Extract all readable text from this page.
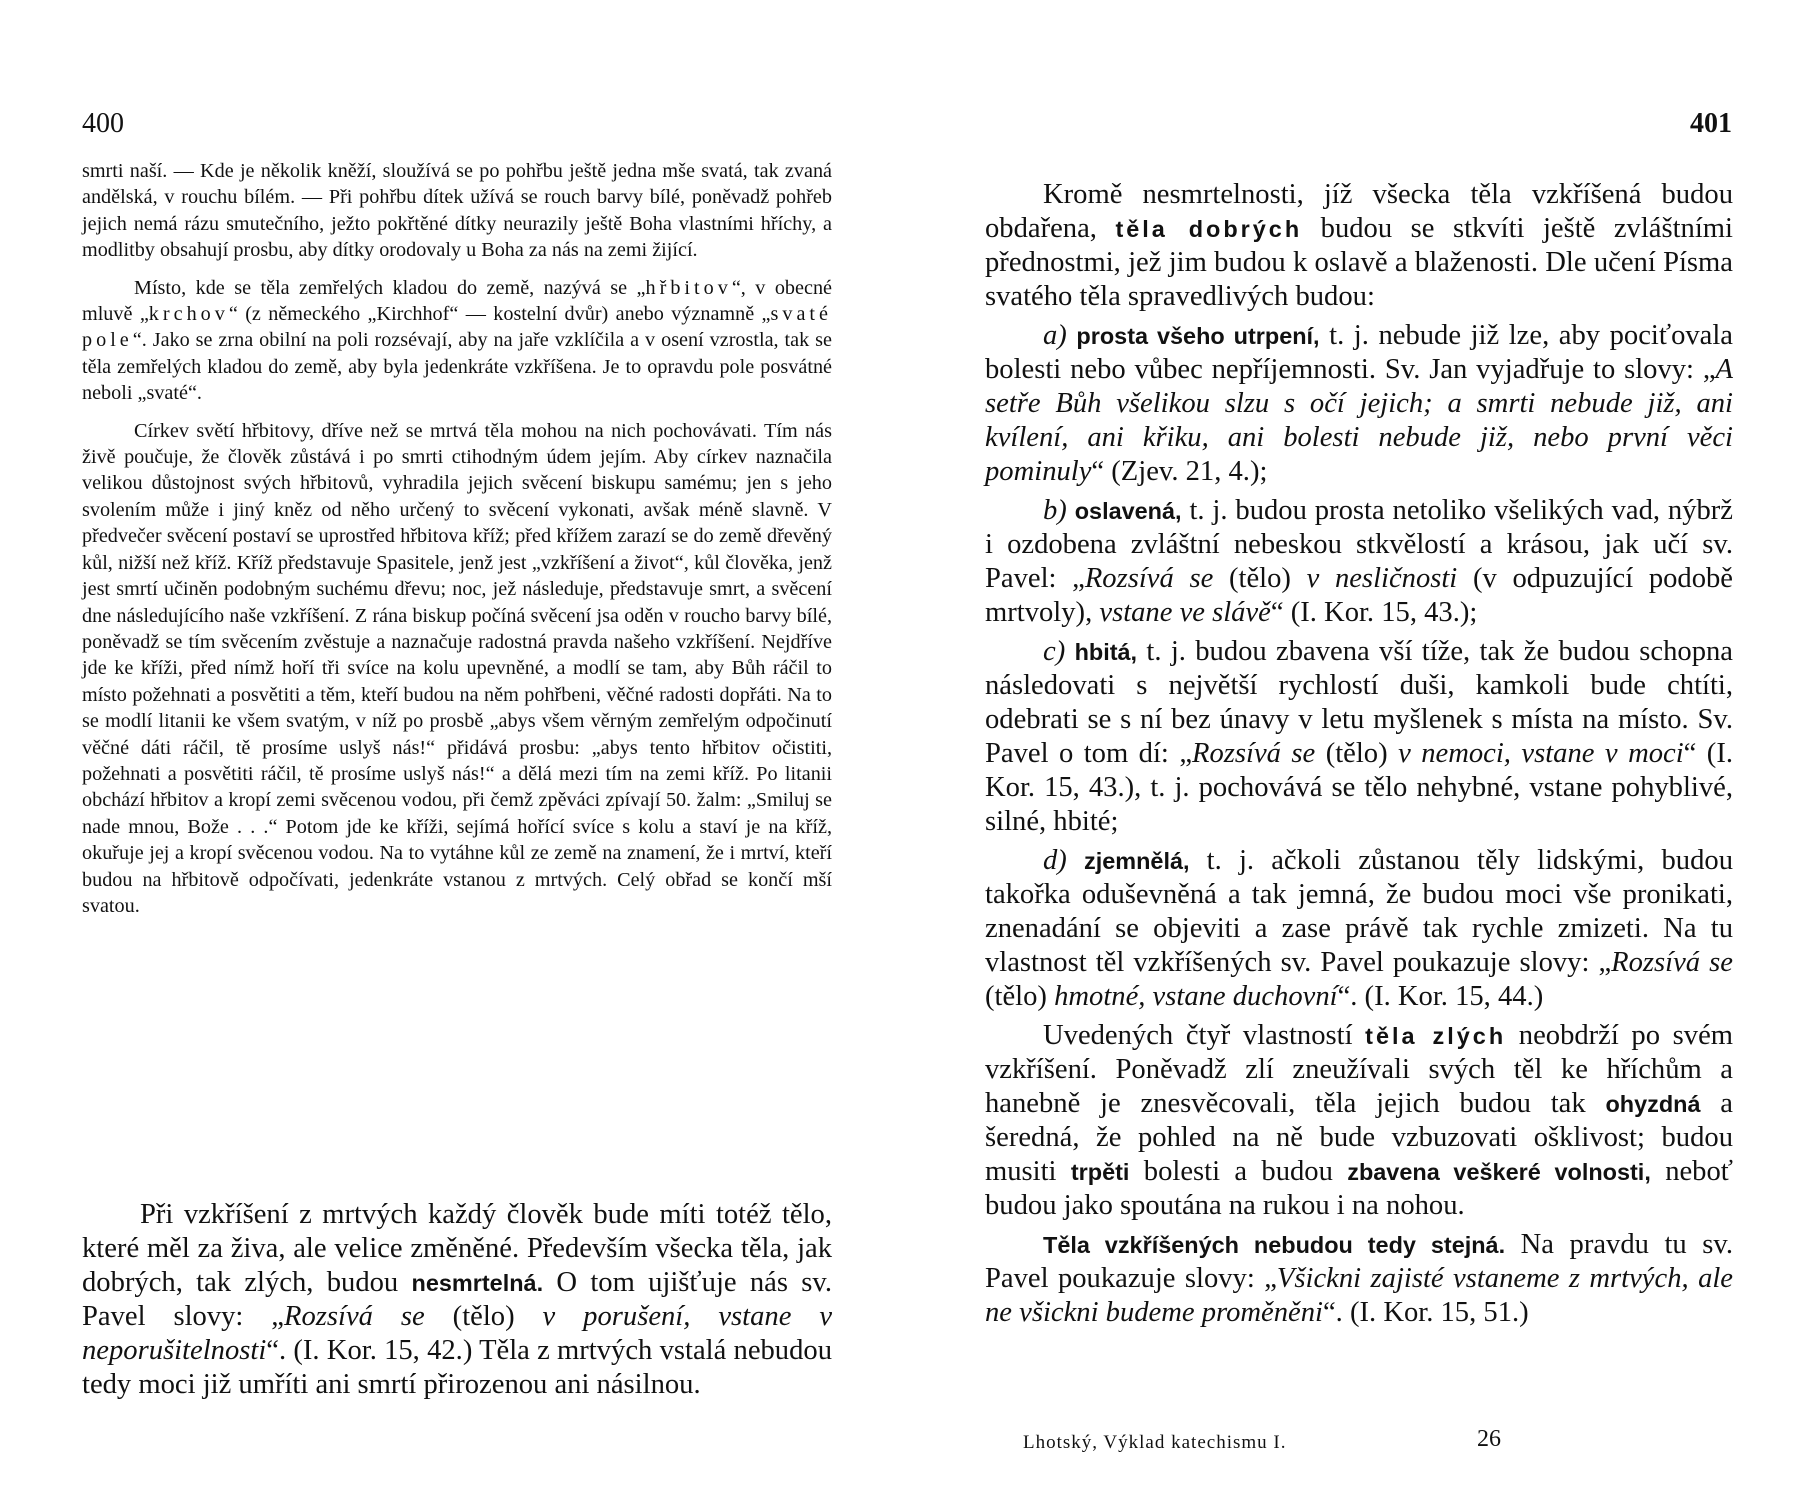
400

smrti naší. — Kde je několik kněží, sloužívá se po pohřbu ještě jedna mše svatá, tak zvaná andělská, v rouchu bílém. — Při pohřbu dítek užívá se rouch barvy bílé, poněvadž pohřeb jejich nemá rázu smutečního, ježto pokřtěné dítky neurazily ještě Boha vlastními hříchy, a modlitby obsahují prosbu, aby dítky orodovaly u Boha za nás na zemi žijící.

Místo, kde se těla zemřelých kladou do země, nazývá se „hřbitov“, v obecné mluvě „krchov“ (z německého „Kirchhof“ — kostelní dvůr) anebo významně „svaté pole“. Jako se zrna obilní na poli rozsévají, aby na jaře vzklíčila a v osení vzrostla, tak se těla zemřelých kladou do země, aby byla jedenkráte vzkříšena. Je to opravdu pole posvátné neboli „svaté“.

Církev světí hřbitovy, dříve než se mrtvá těla mohou na nich pochovávati. Tím nás živě poučuje, že člověk zůstává i po smrti ctihodným údem jejím. Aby církev naznačila velikou důstojnost svých hřbitovů, vyhradila jejich svěcení biskupu samému; jen s jeho svolením může i jiný kněz od něho určený to svěcení vykonati, avšak méně slavně. V předvečer svěcení postaví se uprostřed hřbitova kříž; před křížem zarazí se do země dřevěný kůl, nižší než kříž. Kříž představuje Spasitele, jenž jest „vzkříšení a život“, kůl člověka, jenž jest smrtí učiněn podobným suchému dřevu; noc, jež následuje, představuje smrt, a svěcení dne následujícího naše vzkříšení. Z rána biskup počíná svěcení jsa oděn v roucho barvy bílé, poněvadž se tím svěcením zvěstuje a naznačuje radostná pravda našeho vzkříšení. Nejdříve jde ke kříži, před nímž hoří tři svíce na kolu upevněné, a modlí se tam, aby Bůh ráčil to místo požehnati a posvětiti a těm, kteří budou na něm pohřbeni, věčné radosti dopřáti. Na to se modlí litanii ke všem svatým, v níž po prosbě „abys všem věrným zemřelým odpočinutí věčné dáti ráčil, tě prosíme uslyš nás!“ přidává prosbu: „abys tento hřbitov očistiti, požehnati a posvětiti ráčil, tě prosíme uslyš nás!“ a dělá mezi tím na zemi kříž. Po litanii obchází hřbitov a kropí zemi svěcenou vodou, při čemž zpěváci zpívají 50. žalm: „Smiluj se nade mnou, Bože . . .“ Potom jde ke kříži, sejímá hořící svíce s kolu a staví je na kříž, okuřuje jej a kropí svěcenou vodou. Na to vytáhne kůl ze země na znamení, že i mrtví, kteří budou na hřbitově odpočívati, jedenkráte vstanou z mrtvých. Celý obřad se končí mší svatou.

Při vzkříšení z mrtvých každý člověk bude míti totéž tělo, které měl za živa, ale velice změněné. Především všecka těla, jak dobrých, tak zlých, budou nesmrtelná. O tom ujišťuje nás sv. Pavel slovy: „Rozsívá se (tělo) v porušení, vstane v neporušitelnosti“. (I. Kor. 15, 42.) Těla z mrtvých vstalá nebudou tedy moci již umříti ani smrtí přirozenou ani násilnou.

401

Kromě nesmrtelnosti, jíž všecka těla vzkříšená budou obdařena, těla dobrých budou se stkvíti ještě zvláštními přednostmi, jež jim budou k oslavě a blaženosti. Dle učení Písma svatého těla spravedlivých budou:

a) prosta všeho utrpení, t. j. nebude již lze, aby pociťovala bolesti nebo vůbec nepříjemnosti. Sv. Jan vyjadřuje to slovy: „A setře Bůh všelikou slzu s očí jejich; a smrti nebude již, ani kvílení, ani křiku, ani bolesti nebude již, nebo první věci pominuly“ (Zjev. 21, 4.);

b) oslavená, t. j. budou prosta netoliko všelikých vad, nýbrž i ozdobena zvláštní nebeskou stkvělostí a krásou, jak učí sv. Pavel: „Rozsívá se (tělo) v nesličnosti (v odpuzující podobě mrtvoly), vstane ve slávě“ (I. Kor. 15, 43.);

c) hbitá, t. j. budou zbavena vší tíže, tak že budou schopna následovati s největší rychlostí duši, kamkoli bude chtíti, odebrati se s ní bez únavy v letu myšlenek s místa na místo. Sv. Pavel o tom dí: „Rozsívá se (tělo) v nemoci, vstane v moci“ (I. Kor. 15, 43.), t. j. pochovává se tělo nehybné, vstane pohyblivé, silné, hbité;

d) zjemnělá, t. j. ačkoli zůstanou těly lidskými, budou takořka oduševněná a tak jemná, že budou moci vše pronikati, znenadání se objeviti a zase právě tak rychle zmizeti. Na tu vlastnost těl vzkříšených sv. Pavel poukazuje slovy: „Rozsívá se (tělo) hmotné, vstane duchovní“. (I. Kor. 15, 44.)

Uvedených čtyř vlastností těla zlých neobdrží po svém vzkříšení. Poněvadž zlí zneužívali svých těl ke hříchům a hanebně je znesvěcovali, těla jejich budou tak ohyzdná a šeredná, že pohled na ně bude vzbuzovati ošklivost; budou musiti trpěti bolesti a budou zbavena veškeré volnosti, neboť budou jako spoutána na rukou i na nohou.

Těla vzkříšených nebudou tedy stejná. Na pravdu tu sv. Pavel poukazuje slovy: „Všickni zajisté vstaneme z mrtvých, ale ne všickni budeme proměněni“. (I. Kor. 15, 51.)

Lhotský, Výklad katechismu I.	26
